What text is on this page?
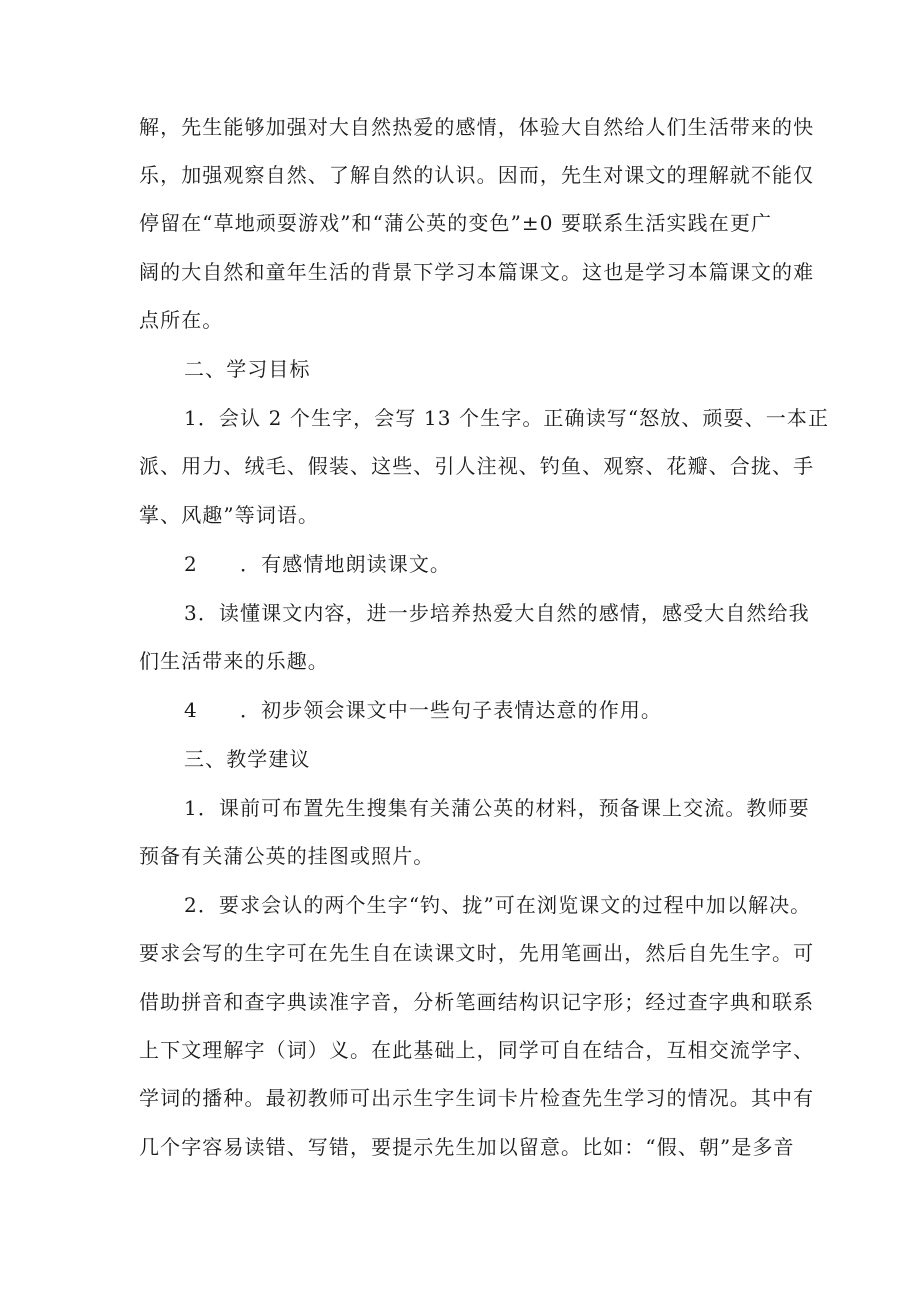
解，先生能够加强对大自然热爱的感情，体验大自然给人们生活带来的快
乐，加强观察自然、了解自然的认识。因而，先生对课文的理解就不能仅
停留在“草地顽耍游戏”和“蒲公英的变色”±0 要联系生活实践在更广
阔的大自然和童年生活的背景下学习本篇课文。这也是学习本篇课文的难
点所在。
二、学习目标
1．会认 2 个生字，会写 13 个生字。正确读写“怒放、顽耍、一本正
派、用力、绒毛、假装、这些、引人注视、钓鱼、观察、花瓣、合拢、手
掌、风趣”等词语。
2　　．有感情地朗读课文。
3．读懂课文内容，进一步培养热爱大自然的感情，感受大自然给我
们生活带来的乐趣。
4　　．初步领会课文中一些句子表情达意的作用。
三、教学建议
1．课前可布置先生搜集有关蒲公英的材料，预备课上交流。教师要
预备有关蒲公英的挂图或照片。
2．要求会认的两个生字“钓、拢”可在浏览课文的过程中加以解决。
要求会写的生字可在先生自在读课文时，先用笔画出，然后自先生字。可
借助拼音和查字典读准字音，分析笔画结构识记字形；经过查字典和联系
上下文理解字（词）义。在此基础上，同学可自在结合，互相交流学字、
学词的播种。最初教师可出示生字生词卡片检查先生学习的情况。其中有
几个字容易读错、写错，要提示先生加以留意。比如：“假、朝”是多音
